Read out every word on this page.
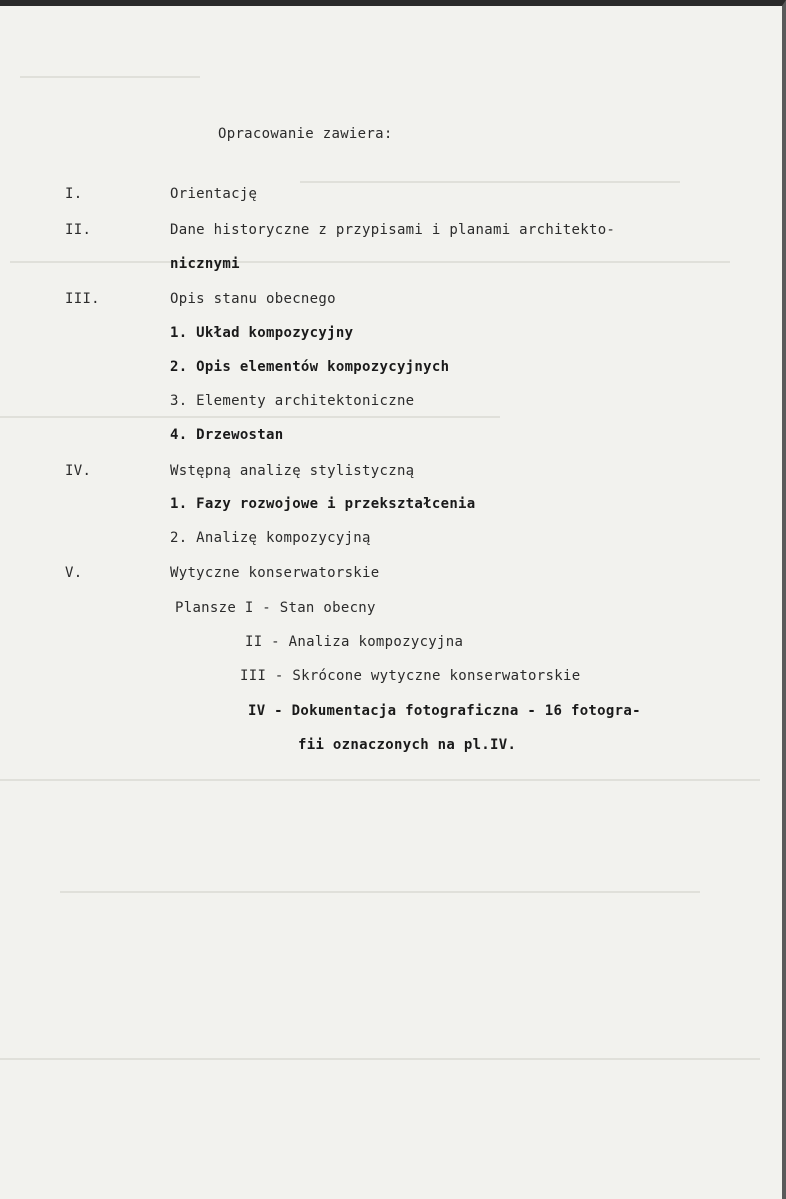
Opracowanie zawiera:
I.	Orientację
II.	Dane historyczne z przypisami i planami architekto-
nicznymi
III.	Opis stanu obecnego
1. Układ kompozycyjny
2. Opis elementów kompozycyjnych
3. Elementy architektoniczne
4. Drzewostan
IV.	Wstępną analizę stylistyczną
1. Fazy rozwojowe i przekształcenia
2. Analizę kompozycyjną
V.	Wytyczne konserwatorskie
Plansze I - Stan obecny
II - Analiza kompozycyjna
III - Skrócone wytyczne konserwatorskie
IV - Dokumentacja fotograficzna - 16 fotogra-
fii oznaczonych na pl.IV.
